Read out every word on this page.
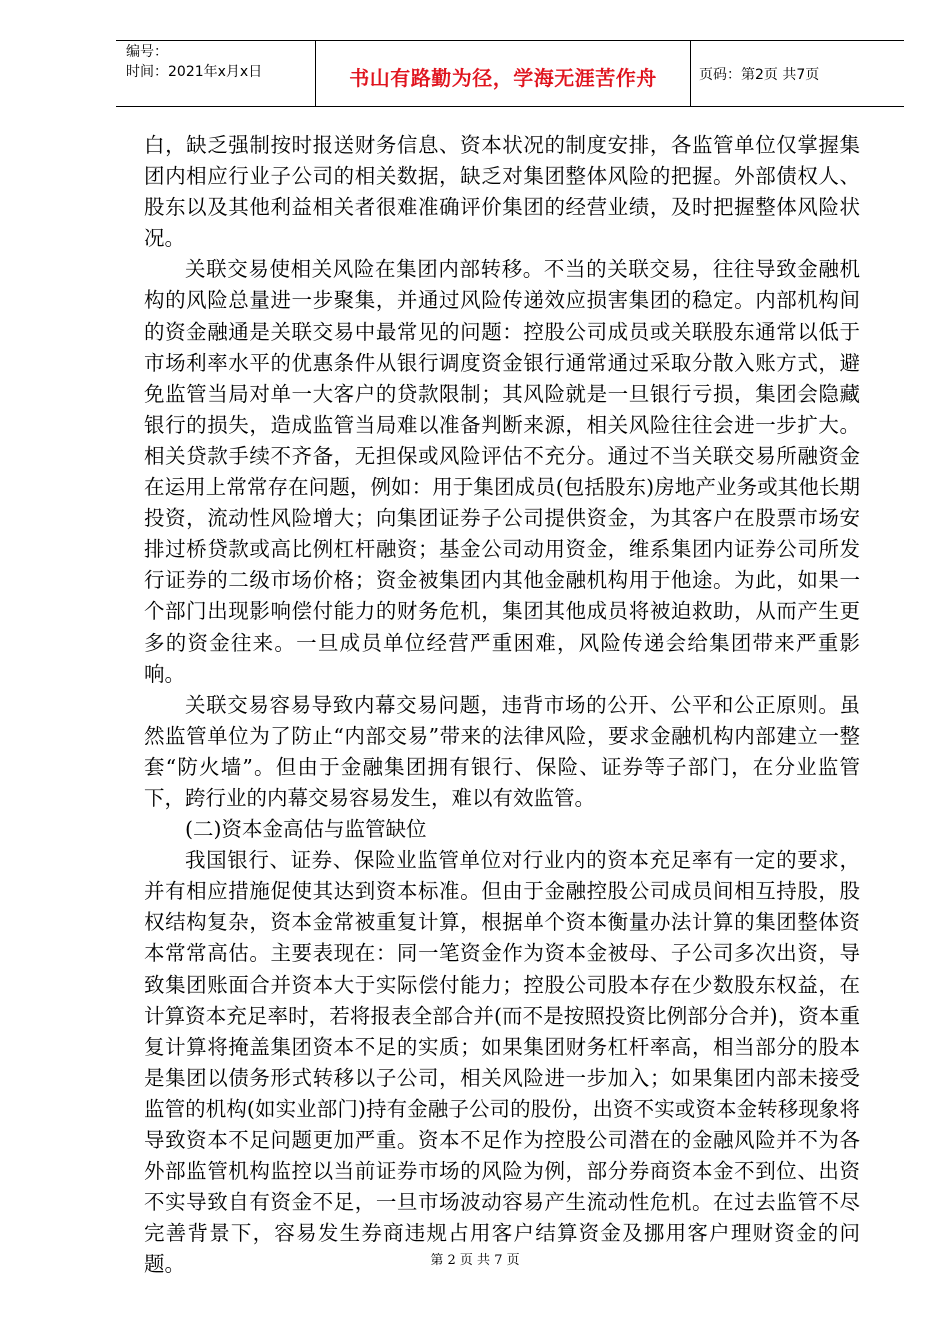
编号：
时间：2021年x月x日	书山有路勤为径，学海无涯苦作舟	页码：第2页 共7页

白，缺乏强制按时报送财务信息、资本状况的制度安排，各监管单位仅掌握集团内相应行业子公司的相关数据，缺乏对集团整体风险的把握。外部债权人、股东以及其他利益相关者很难准确评价集团的经营业绩，及时把握整体风险状况。

关联交易使相关风险在集团内部转移。不当的关联交易，往往导致金融机构的风险总量进一步聚集，并通过风险传递效应损害集团的稳定。内部机构间的资金融通是关联交易中最常见的问题：控股公司成员或关联股东通常以低于市场利率水平的优惠条件从银行调度资金银行通常通过采取分散入账方式，避免监管当局对单一大客户的贷款限制；其风险就是一旦银行亏损，集团会隐藏银行的损失，造成监管当局难以准备判断来源，相关风险往往会进一步扩大。相关贷款手续不齐备，无担保或风险评估不充分。通过不当关联交易所融资金在运用上常常存在问题，例如：用于集团成员(包括股东)房地产业务或其他长期投资，流动性风险增大；向集团证券子公司提供资金，为其客户在股票市场安排过桥贷款或高比例杠杆融资；基金公司动用资金，维系集团内证券公司所发行证券的二级市场价格；资金被集团内其他金融机构用于他途。为此，如果一个部门出现影响偿付能力的财务危机，集团其他成员将被迫救助，从而产生更多的资金往来。一旦成员单位经营严重困难，风险传递会给集团带来严重影响。

关联交易容易导致内幕交易问题，违背市场的公开、公平和公正原则。虽然监管单位为了防止“内部交易”带来的法律风险，要求金融机构内部建立一整套“防火墙”。但由于金融集团拥有银行、保险、证券等子部门，在分业监管下，跨行业的内幕交易容易发生，难以有效监管。

(二)资本金高估与监管缺位

我国银行、证券、保险业监管单位对行业内的资本充足率有一定的要求，并有相应措施促使其达到资本标准。但由于金融控股公司成员间相互持股，股权结构复杂，资本金常被重复计算，根据单个资本衡量办法计算的集团整体资本常常高估。主要表现在：同一笔资金作为资本金被母、子公司多次出资，导致集团账面合并资本大于实际偿付能力；控股公司股本存在少数股东权益，在计算资本充足率时，若将报表全部合并(而不是按照投资比例部分合并)，资本重复计算将掩盖集团资本不足的实质；如果集团财务杠杆率高，相当部分的股本是集团以债务形式转移以子公司，相关风险进一步加入；如果集团内部未接受监管的机构(如实业部门)持有金融子公司的股份，出资不实或资本金转移现象将导致资本不足问题更加严重。资本不足作为控股公司潜在的金融风险并不为各外部监管机构监控以当前证券市场的风险为例，部分券商资本金不到位、出资不实导致自有资金不足，一旦市场波动容易产生流动性危机。在过去监管不尽完善背景下，容易发生券商违规占用客户结算资金及挪用客户理财资金的问题。	第 2 页 共 7 页
